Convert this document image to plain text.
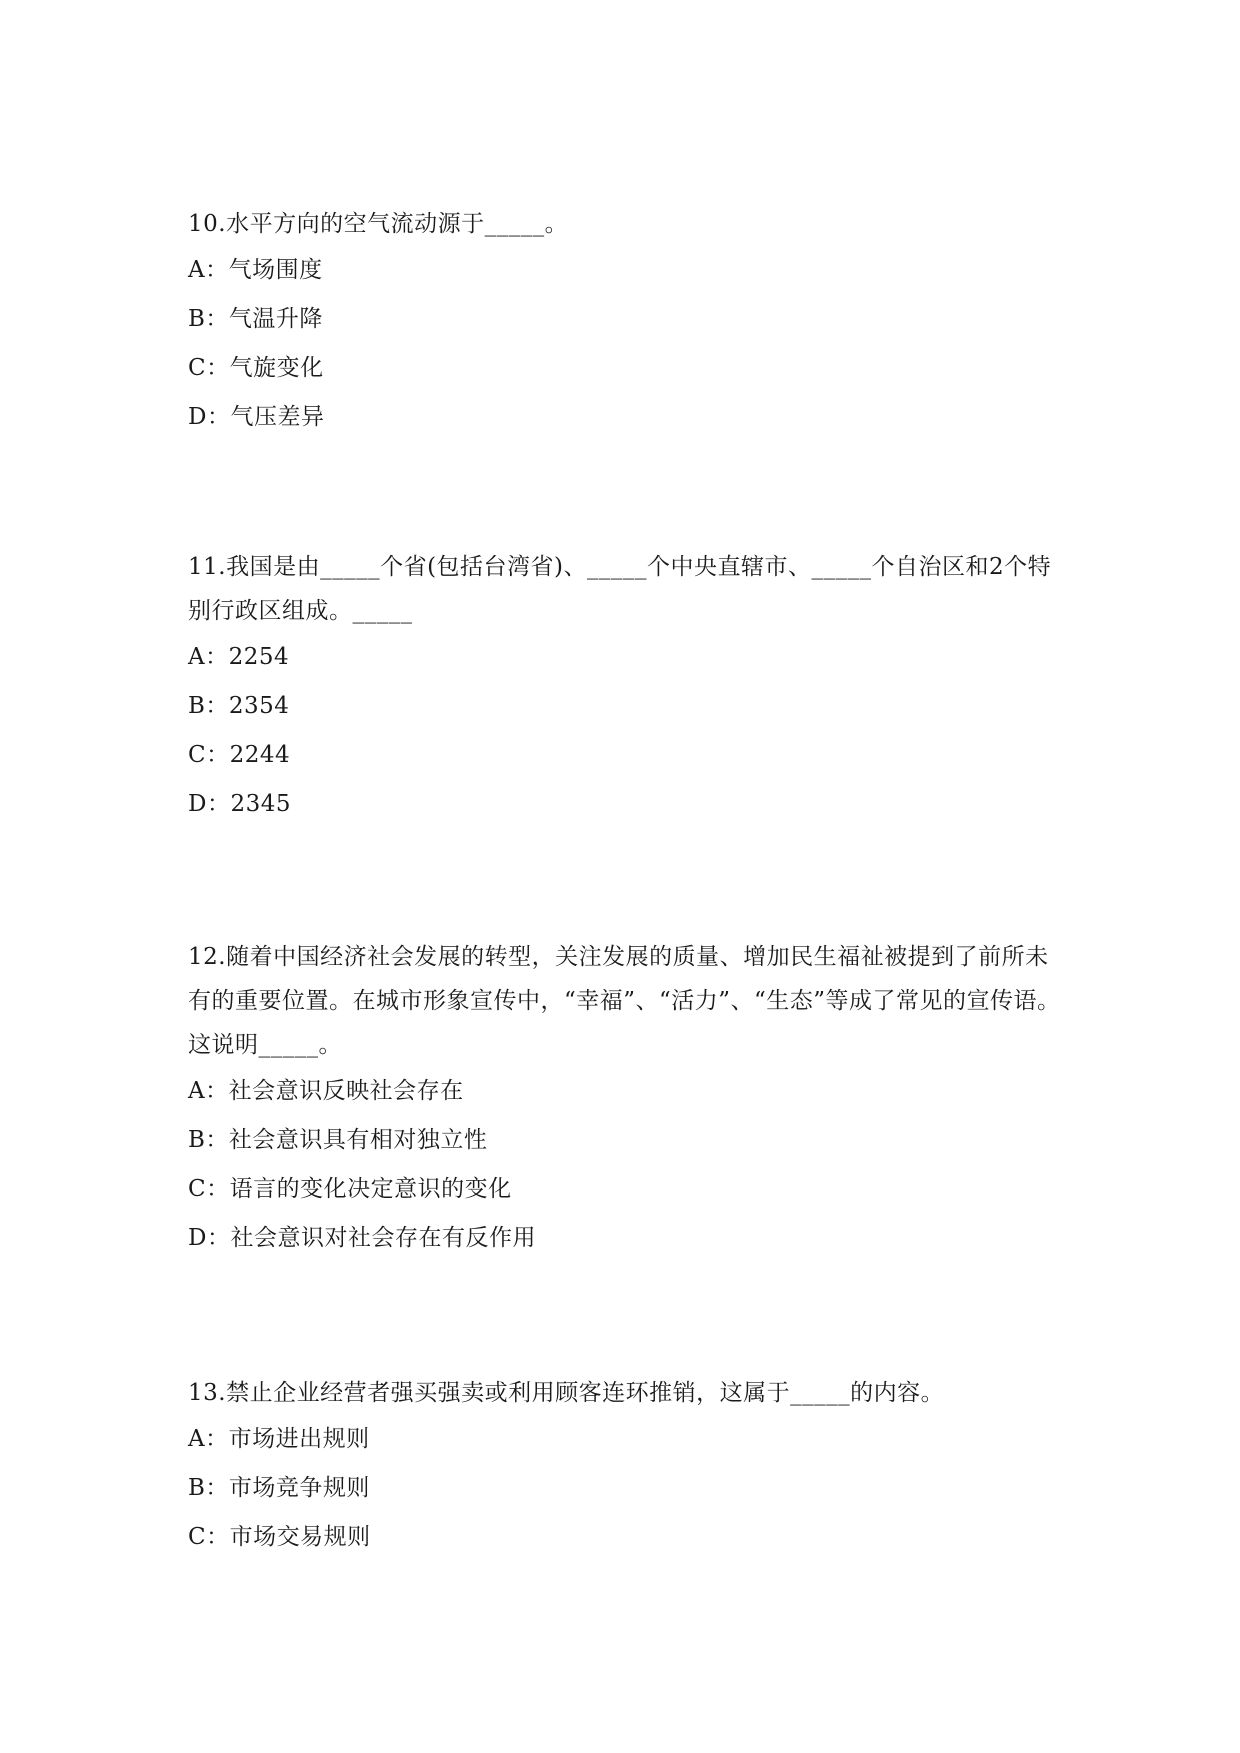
10.水平方向的空气流动源于_____。

A：气场围度
B：气温升降
C：气旋变化
D：气压差异

11.我国是由_____个省(包括台湾省)、_____个中央直辖市、_____个自治区和2个特别行政区组成。_____

A：2254
B：2354
C：2244
D：2345

12.随着中国经济社会发展的转型，关注发展的质量、增加民生福祉被提到了前所未有的重要位置。在城市形象宣传中，“幸福”、“活力”、“生态”等成了常见的宣传语。这说明_____。

A：社会意识反映社会存在
B：社会意识具有相对独立性
C：语言的变化决定意识的变化
D：社会意识对社会存在有反作用

13.禁止企业经营者强买强卖或利用顾客连环推销，这属于_____的内容。

A：市场进出规则
B：市场竞争规则
C：市场交易规则
